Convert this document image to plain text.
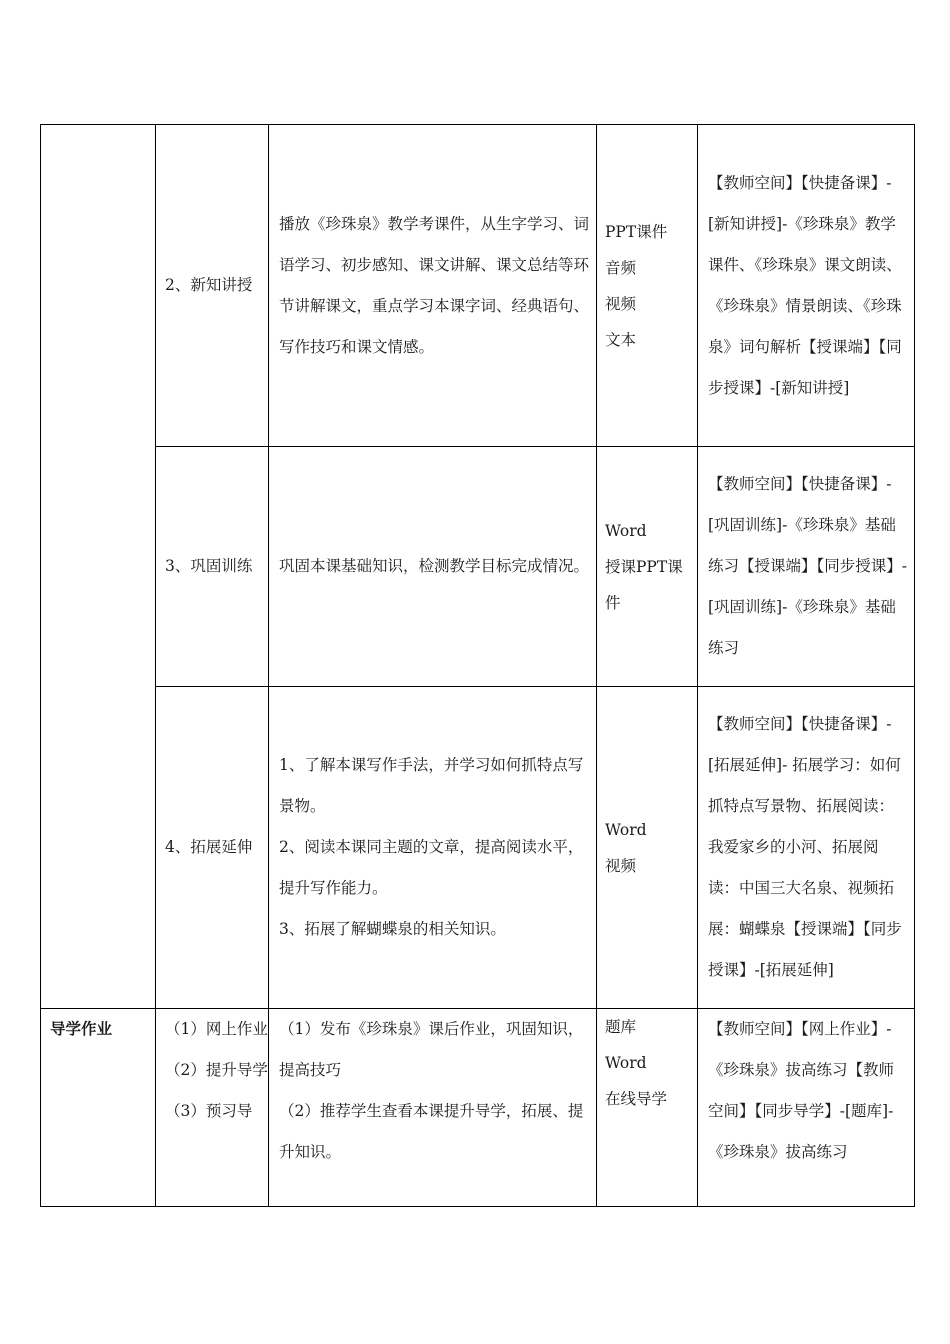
	2、新知讲授	播放《珍珠泉》教学考课件，从生字学习、词语学习、初步感知、课文讲解、课文总结等环节讲解课文，重点学习本课字词、经典语句、写作技巧和课文情感。	PPT课件
音频
视频
文本	【教师空间】【快捷备课】-[新知讲授]-《珍珠泉》教学课件、《珍珠泉》课文朗读、《珍珠泉》情景朗读、《珍珠泉》词句解析【授课端】【同步授课】-[新知讲授]
	3、巩固训练	巩固本课基础知识，检测教学目标完成情况。	Word
授课PPT课件	【教师空间】【快捷备课】-[巩固训练]-《珍珠泉》基础练习【授课端】【同步授课】-[巩固训练]-《珍珠泉》基础练习
	4、拓展延伸	1、了解本课写作手法，并学习如何抓特点写景物。
2、阅读本课同主题的文章，提高阅读水平，提升写作能力。
3、拓展了解蝴蝶泉的相关知识。	Word
视频	【教师空间】【快捷备课】-[拓展延伸]- 拓展学习：如何抓特点写景物、拓展阅读：我爱家乡的小河、拓展阅读：中国三大名泉、视频拓展：蝴蝶泉【授课端】【同步授课】-[拓展延伸]
导学作业	（1）网上作业
（2）提升导学
（3）预习导	（1）发布《珍珠泉》课后作业，巩固知识，提高技巧
（2）推荐学生查看本课提升导学，拓展、提升知识。	题库
Word
在线导学	【教师空间】【网上作业】-《珍珠泉》拔高练习【教师空间】【同步导学】-[题库]-《珍珠泉》拔高练习
